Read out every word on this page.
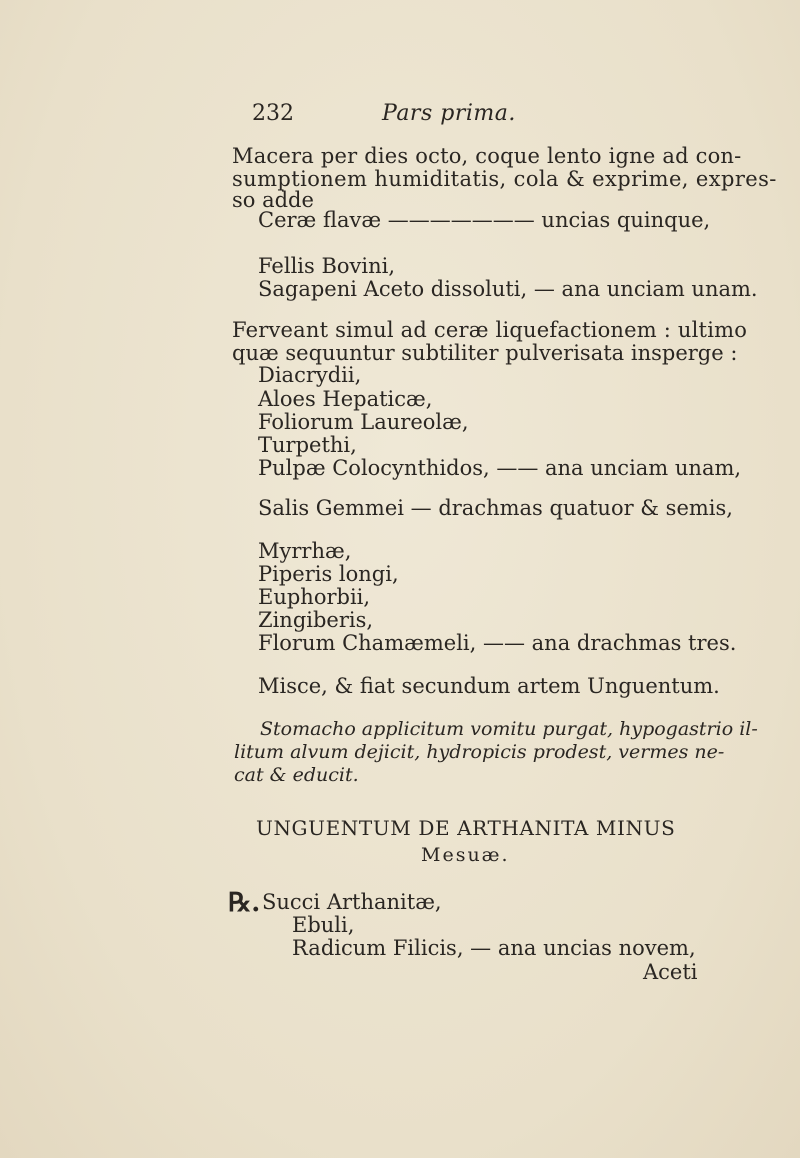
232	Pars prima.
Macera per dies octo, coque lento igne ad con-
sumptionem humiditatis, cola & exprime, expres-
so adde
Ceræ flavæ ——————— uncias quinque,
Fellis Bovini,
Sagapeni Aceto dissoluti, — ana unciam unam.
Ferveant simul ad ceræ liquefactionem : ultimo
quæ sequuntur subtiliter pulverisata insperge :
Diacrydii,
Aloes Hepaticæ,
Foliorum Laureolæ,
Turpethi,
Pulpæ Colocynthidos, —— ana unciam unam,
Salis Gemmei — drachmas quatuor & semis,
Myrrhæ,
Piperis longi,
Euphorbii,
Zingiberis,
Florum Chamæmeli, —— ana drachmas tres.
Misce, & fiat secundum artem Unguentum.
Stomacho applicitum vomitu purgat, hypogastrio il-
litum alvum dejicit, hydropicis prodest, vermes ne-
cat & educit.
UNGUENTUM DE ARTHANITA MINUS
Mesuæ.
℞. Succi Arthanitæ,
Ebuli,
Radicum Filicis, — ana uncias novem,
Aceti
